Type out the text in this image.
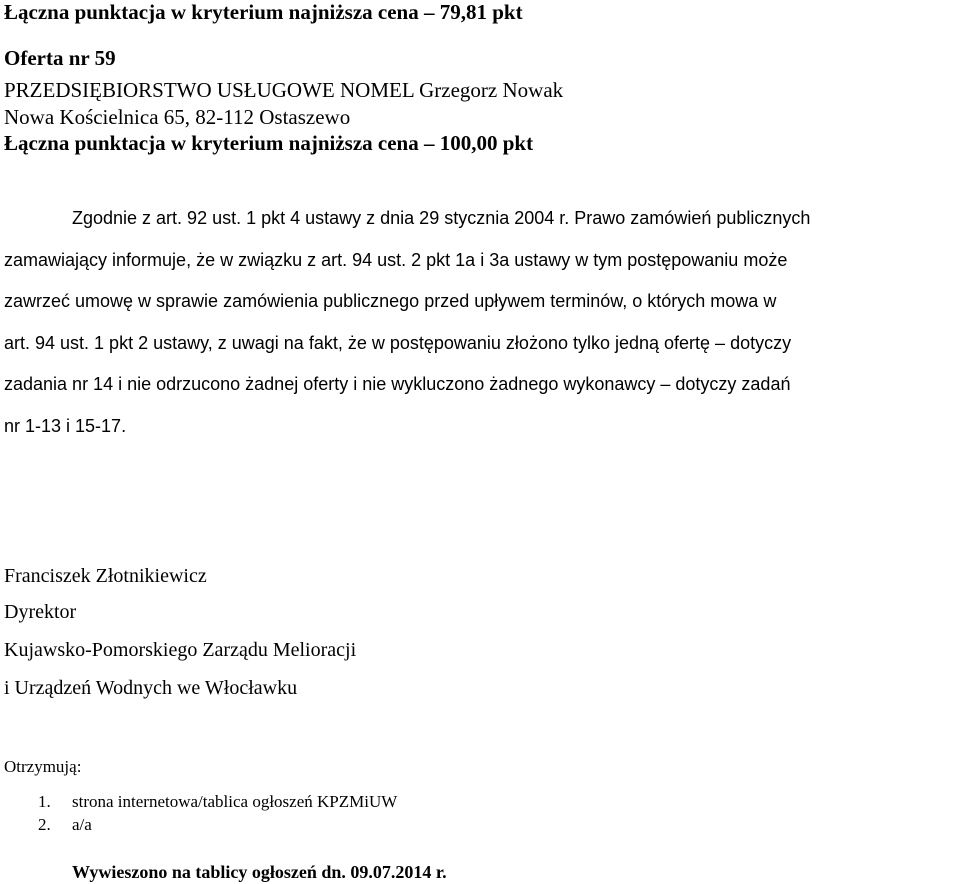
Łączna punktacja w kryterium najniższa cena – 79,81 pkt
Oferta nr 59
PRZEDSIĘBIORSTWO USŁUGOWE NOMEL Grzegorz Nowak
Nowa Kościelnica 65, 82-112 Ostaszewo
Łączna punktacja w kryterium najniższa cena – 100,00 pkt
Zgodnie z art. 92 ust. 1 pkt 4 ustawy z dnia 29 stycznia 2004 r. Prawo zamówień publicznych
zamawiający informuje, że w związku z art. 94 ust. 2 pkt 1a i 3a ustawy w tym postępowaniu może
zawrzeć umowę w sprawie zamówienia publicznego przed upływem terminów, o których mowa w
art. 94 ust. 1 pkt 2 ustawy, z uwagi na fakt, że w postępowaniu złożono tylko jedną ofertę – dotyczy
zadania nr 14 i nie odrzucono żadnej oferty i nie wykluczono żadnego wykonawcy – dotyczy zadań
nr 1-13 i 15-17.
Franciszek Złotnikiewicz
Dyrektor
Kujawsko-Pomorskiego Zarządu Melioracji
i Urządzeń Wodnych we Włocławku
Otrzymują:
1. strona internetowa/tablica ogłoszeń KPZMiUW
2. a/a
Wywieszono na tablicy ogłoszeń dn. 09.07.2014 r.
